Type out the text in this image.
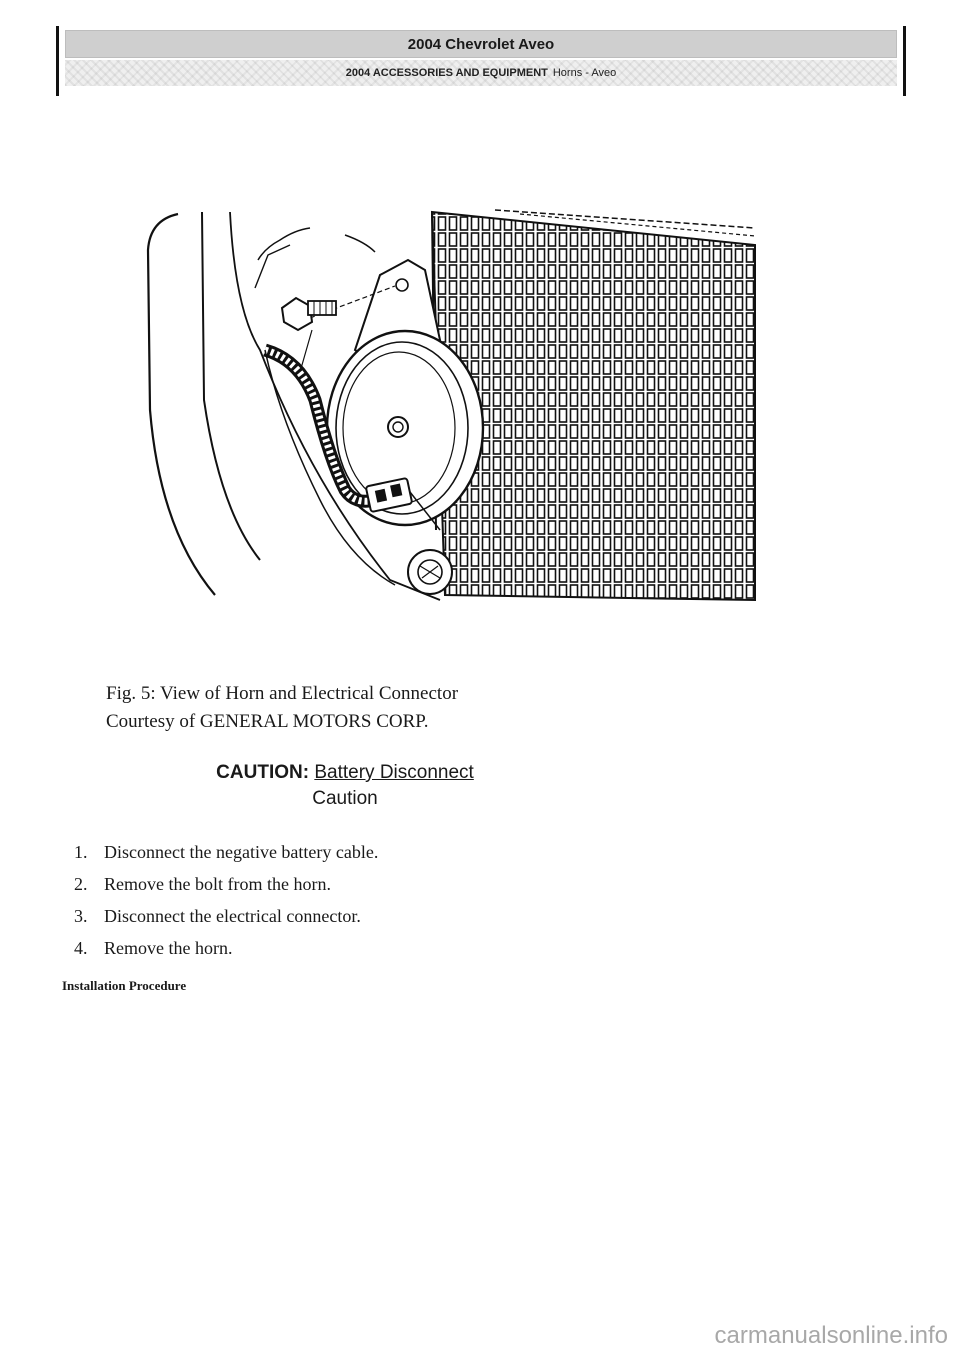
2004 Chevrolet Aveo
2004 ACCESSORIES AND EQUIPMENT Horns - Aveo
Fig. 5: View of Horn and Electrical Connector
Courtesy of GENERAL MOTORS CORP.
CAUTION: Battery Disconnect
Caution
1. Disconnect the negative battery cable.
2. Remove the bolt from the horn.
3. Disconnect the electrical connector.
4. Remove the horn.
Installation Procedure
carmanualsonline.info
